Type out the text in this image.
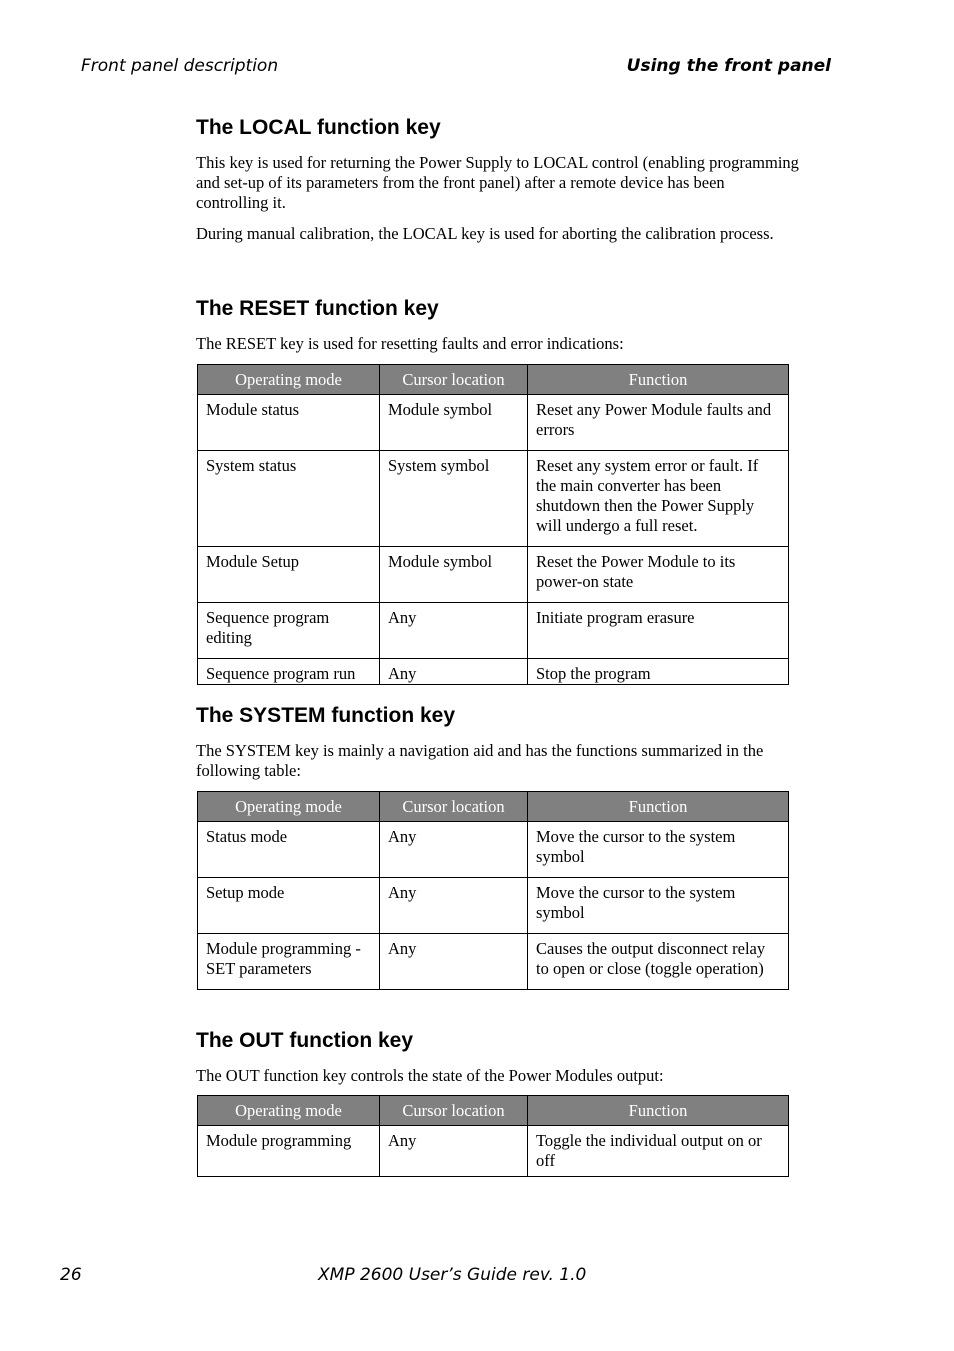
Front panel description	Using the front panel
The LOCAL function key

This key is used for returning the Power Supply to LOCAL control (enabling programming and set-up of its parameters from the front panel) after a remote device has been controlling it.

During manual calibration, the LOCAL key is used for aborting the calibration process.

The RESET function key

The RESET key is used for resetting faults and error indications:

Operating mode	Cursor location	Function
Module status	Module symbol	Reset any Power Module faults and errors
System status	System symbol	Reset any system error or fault. If the main converter has been shutdown then the Power Supply will undergo a full reset.
Module Setup	Module symbol	Reset the Power Module to its power-on state
Sequence program editing	Any	Initiate program erasure
Sequence program run	Any	Stop the program
The SYSTEM function key

The SYSTEM key is mainly a navigation aid and has the functions summarized in the following table:

Operating mode	Cursor location	Function
Status mode	Any	Move the cursor to the system symbol
Setup mode	Any	Move the cursor to the system symbol
Module programming - SET parameters	Any	Causes the output disconnect relay to open or close (toggle operation)
The OUT function key

The OUT function key controls the state of the Power Modules output:

Operating mode	Cursor location	Function
Module programming	Any	Toggle the individual output on or off
26	XMP 2600 User’s Guide rev. 1.0
